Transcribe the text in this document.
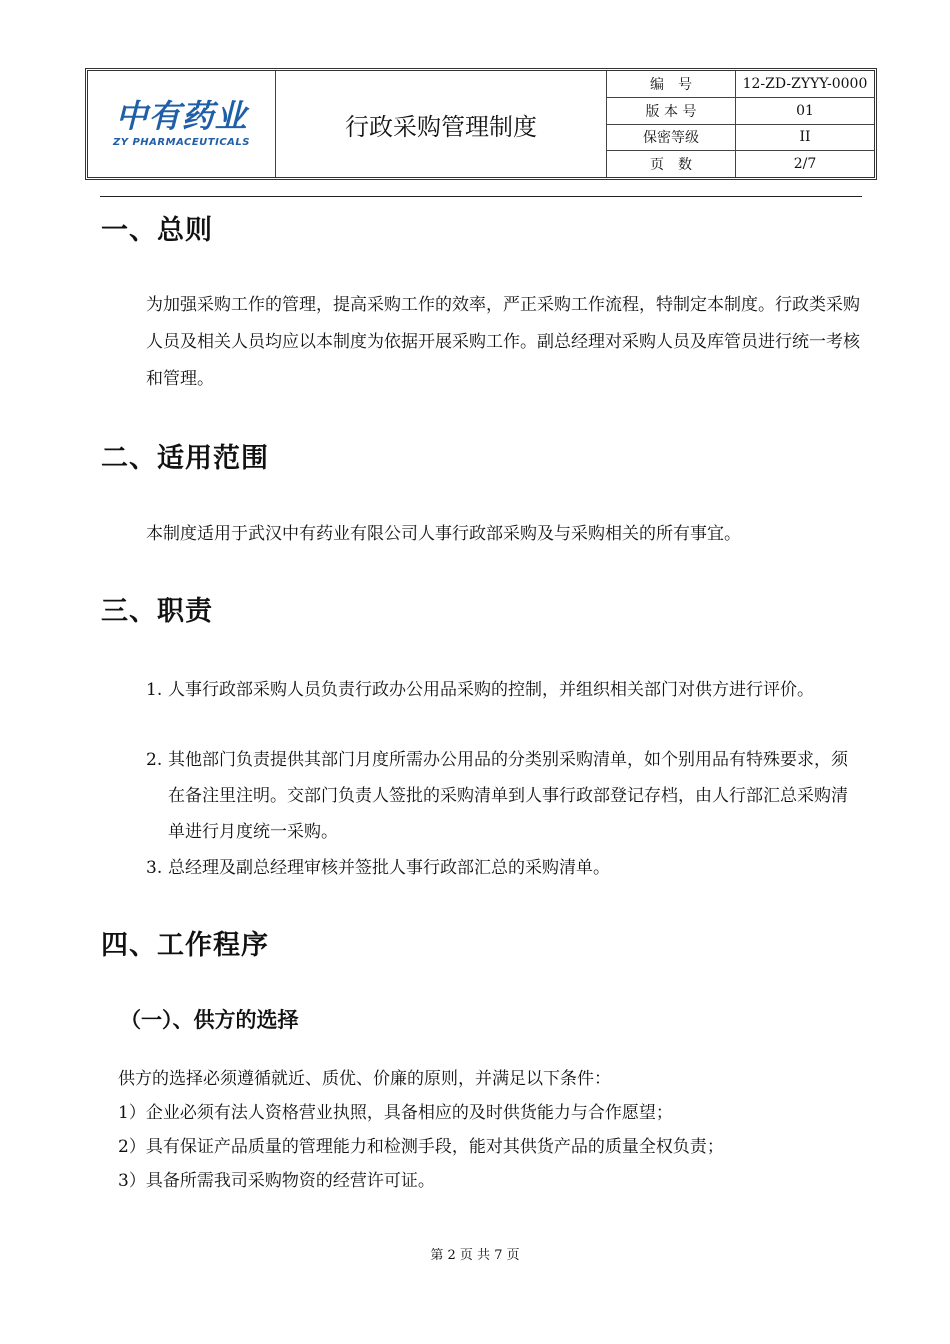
中有药业
ZY PHARMACEUTICALS
行政采购管理制度
编　号	12-ZD-ZYYY-0000
版 本 号	01
保密等级	II
页　数	2/7
一、总则

为加强采购工作的管理，提高采购工作的效率，严正采购工作流程，特制定本制度。行政类采购人员及相关人员均应以本制度为依据开展采购工作。副总经理对采购人员及库管员进行统一考核和管理。

二、适用范围

本制度适用于武汉中有药业有限公司人事行政部采购及与采购相关的所有事宜。

三、职责
1. 人事行政部采购人员负责行政办公用品采购的控制，并组织相关部门对供方进行评价。
2. 其他部门负责提供其部门月度所需办公用品的分类别采购清单，如个别用品有特殊要求，须在备注里注明。交部门负责人签批的采购清单到人事行政部登记存档，由人行部汇总采购清单进行月度统一采购。
3. 总经理及副总经理审核并签批人事行政部汇总的采购清单。
四、工作程序
（一）、供方的选择
供方的选择必须遵循就近、质优、价廉的原则，并满足以下条件：
1）企业必须有法人资格营业执照，具备相应的及时供货能力与合作愿望；
2）具有保证产品质量的管理能力和检测手段，能对其供货产品的质量全权负责；
3）具备所需我司采购物资的经营许可证。
第 2 页 共 7 页
